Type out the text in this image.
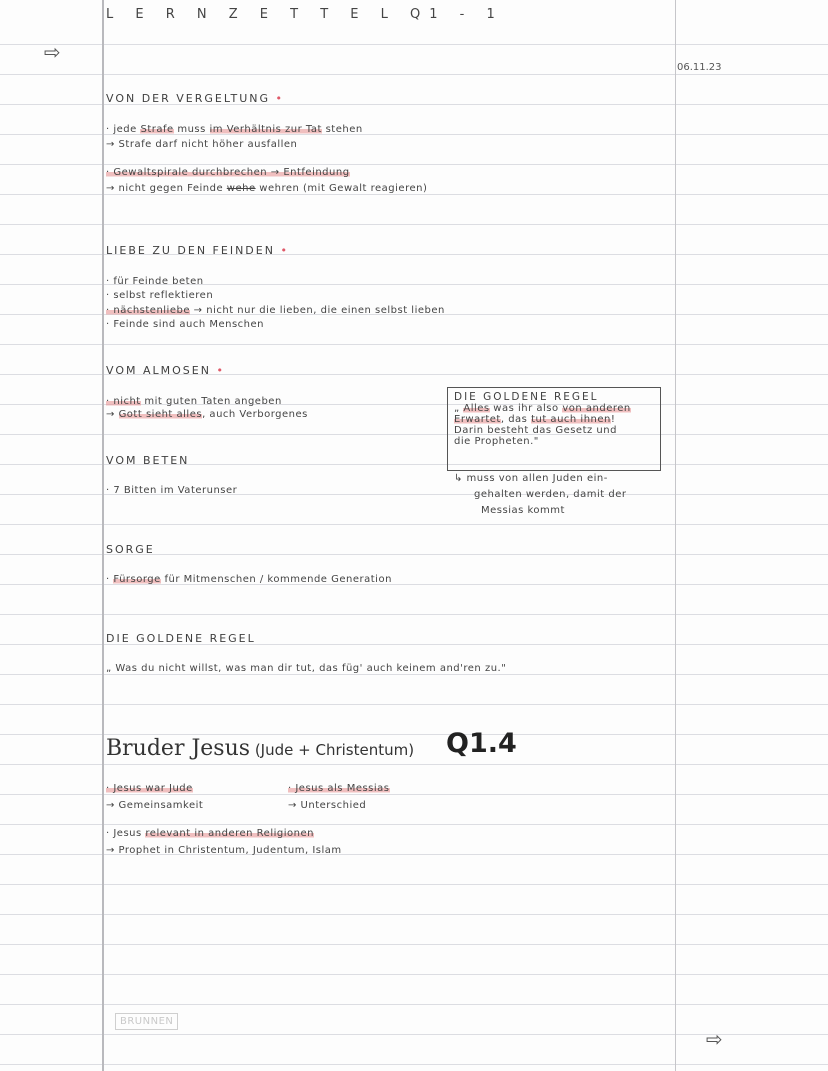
L E R N Z E T T E L Q1 - 1
⇨
06.11.23
VON DER VERGELTUNG •
· jede Strafe muss im Verhältnis zur Tat stehen
→ Strafe darf nicht höher ausfallen
· Gewaltspirale durchbrechen → Entfeindung
→ nicht gegen Feinde wehe wehren (mit Gewalt reagieren)
LIEBE ZU DEN FEINDEN •
· für Feinde beten
· selbst reflektieren
· nächstenliebe → nicht nur die lieben, die einen selbst lieben
· Feinde sind auch Menschen
VOM ALMOSEN •
· nicht mit guten Taten angeben
→ Gott sieht alles, auch Verborgenes
DIE GOLDENE REGEL
„ Alles was ihr also von anderen
Erwartet, das tut auch ihnen!
Darin besteht das Gesetz und
die Propheten."
↳ muss von allen Juden ein-
gehalten werden, damit der
Messias kommt
VOM BETEN
· 7 Bitten im Vaterunser
SORGE
· Fürsorge für Mitmenschen / kommende Generation
DIE GOLDENE REGEL
„ Was du nicht willst, was man dir tut, das füg' auch keinem and'ren zu."
Bruder Jesus (Jude + Christentum) Q1.4
· Jesus war Jude
→ Gemeinsamkeit
· Jesus als Messias
→ Unterschied
· Jesus relevant in anderen Religionen
→ Prophet in Christentum, Judentum, Islam
BRUNNEN
⇨
